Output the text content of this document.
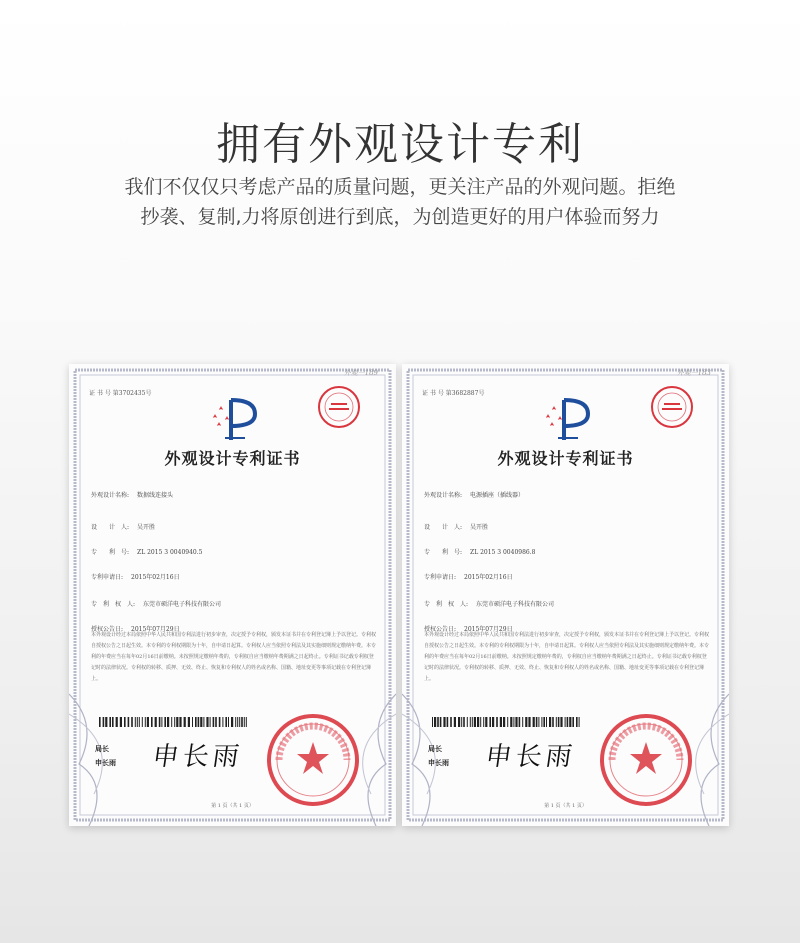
拥有外观设计专利
我们不仅仅只考虑产品的质量问题，更关注产品的外观问题。拒绝
抄袭、复制,力将原创进行到底，为创造更好的用户体验而努力
外观一189
证 书 号 第3702435号
外观设计专利证书
外观设计名称: 数据线连接头
设　　计　人: 吴开胜
专　　利　号: ZL 2015 3 0040940.5
专利申请日: 2015年02月16日
专　利　权　人: 东莞市硕洋电子科技有限公司
授权公告日: 2015年07月29日
本外观设计经过本局依照中华人民共和国专利法进行初步审查，决定授予专利权，颁发本证书并在专利登记簿上予以登记。专利权自授权公告之日起生效。本专利的专利权期限为十年，自申请日起算。专利权人应当依照专利法及其实施细则规定缴纳年费。本专利的年费应当在每年02月16日前缴纳。未按照规定缴纳年费的，专利权自应当缴纳年费期满之日起终止。专利证书记载专利权登记时的法律状况。专利权的转移、质押、无效、终止、恢复和专利权人的姓名或名称、国籍、地址变更等事项记载在专利登记簿上。
局长
申长雨 申长雨
第 1 页（共 1 页）
外观一183
证 书 号 第3682887号
外观设计专利证书
外观设计名称: 电源插座（插线器）
设　　计　人: 吴开胜
专　　利　号: ZL 2015 3 0040986.8
专利申请日: 2015年02月16日
专　利　权　人: 东莞市硕洋电子科技有限公司
授权公告日: 2015年07月29日
本外观设计经过本局依照中华人民共和国专利法进行初步审查，决定授予专利权，颁发本证书并在专利登记簿上予以登记。专利权自授权公告之日起生效。本专利的专利权期限为十年，自申请日起算。专利权人应当依照专利法及其实施细则规定缴纳年费。本专利的年费应当在每年02月16日前缴纳。未按照规定缴纳年费的，专利权自应当缴纳年费期满之日起终止。专利证书记载专利权登记时的法律状况。专利权的转移、质押、无效、终止、恢复和专利权人的姓名或名称、国籍、地址变更等事项记载在专利登记簿上。
局长
申长雨 申长雨
第 1 页（共 1 页）
